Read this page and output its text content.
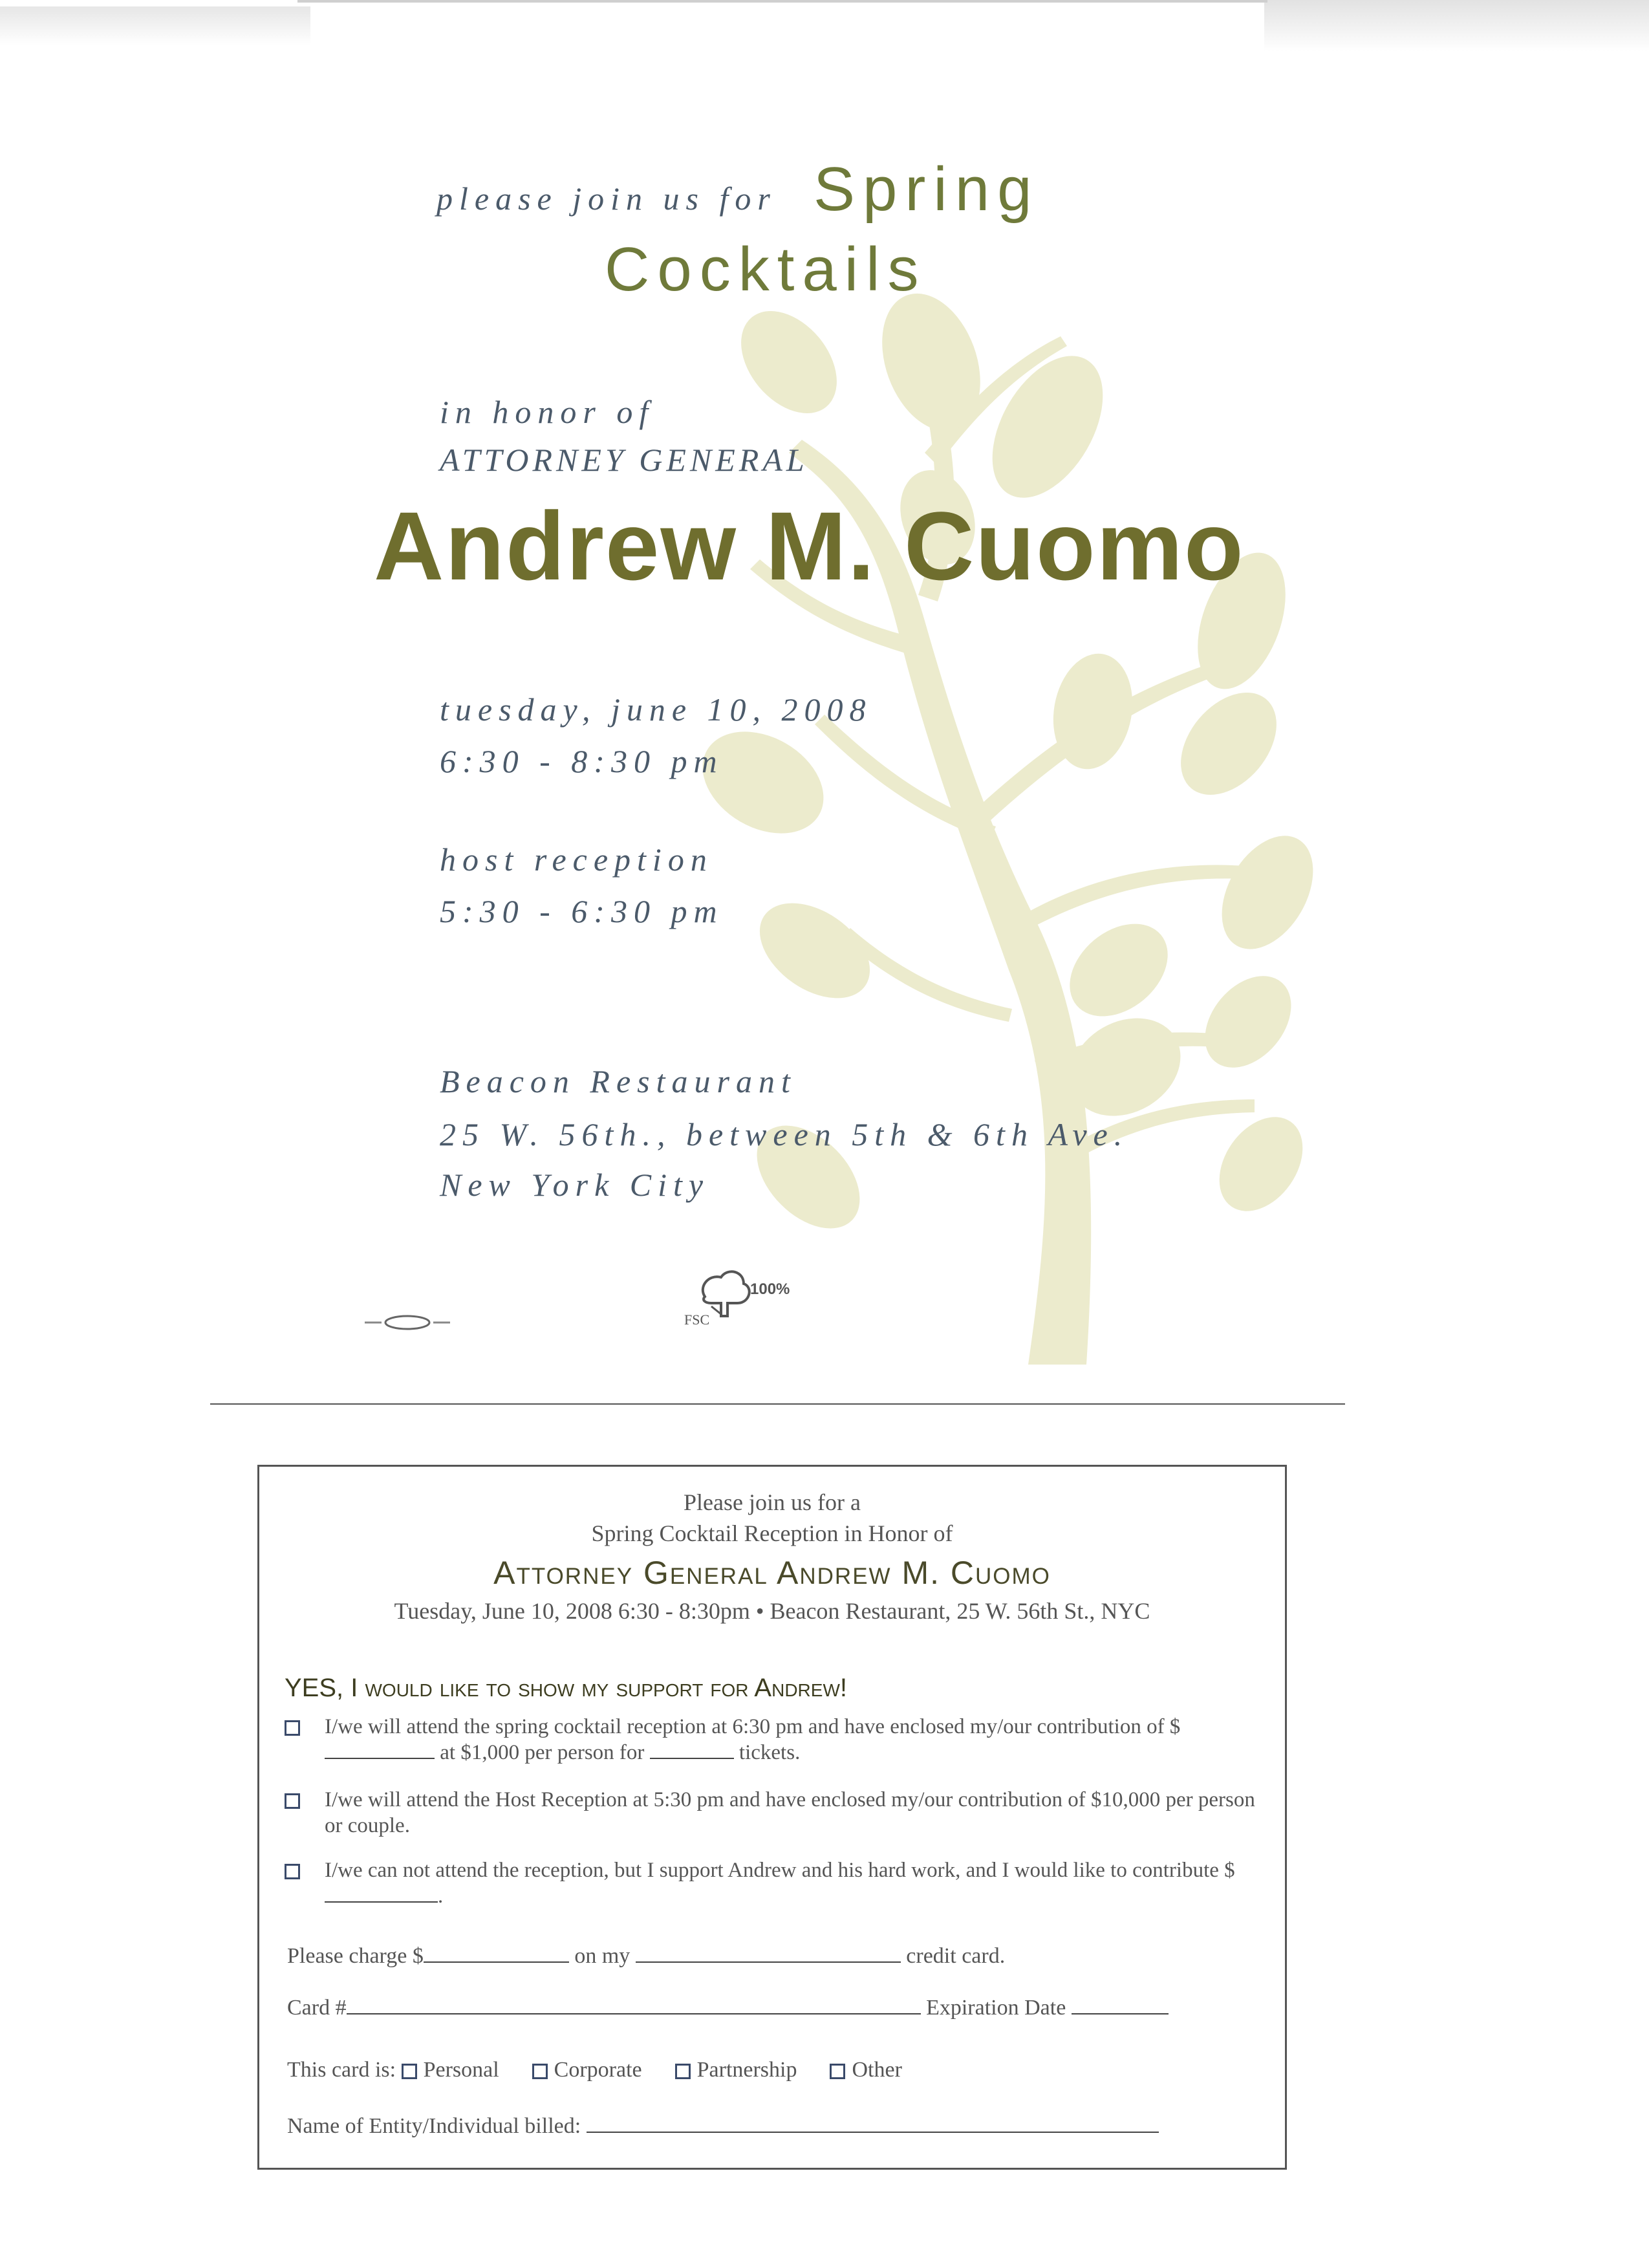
please join us for Spring
Cocktails
in honor of
ATTORNEY GENERAL
Andrew M. Cuomo
tuesday, june 10, 2008
6:30 - 8:30 pm
host reception
5:30 - 6:30 pm
Beacon Restaurant
25 W. 56th., between 5th & 6th Ave.
New York City
100%
FSC
Please join us for a
Spring Cocktail Reception in Honor of
Attorney General Andrew M. Cuomo
Tuesday, June 10, 2008 6:30 - 8:30pm • Beacon Restaurant, 25 W. 56th St., NYC
YES, I would like to show my support for Andrew!
I/we will attend the spring cocktail reception at 6:30 pm and have enclosed my/our contribution of $ at $1,000 per person for	tickets.
I/we will attend the Host Reception at 5:30 pm and have enclosed my/our contribution of $10,000 per person or couple.
I/we can not attend the reception, but I support Andrew and his hard work, and I would like to contribute $.
Please charge $	on my	credit card.
Card #	Expiration Date
This card is: Personal	Corporate	Partnership	Other
Name of Entity/Individual billed:
